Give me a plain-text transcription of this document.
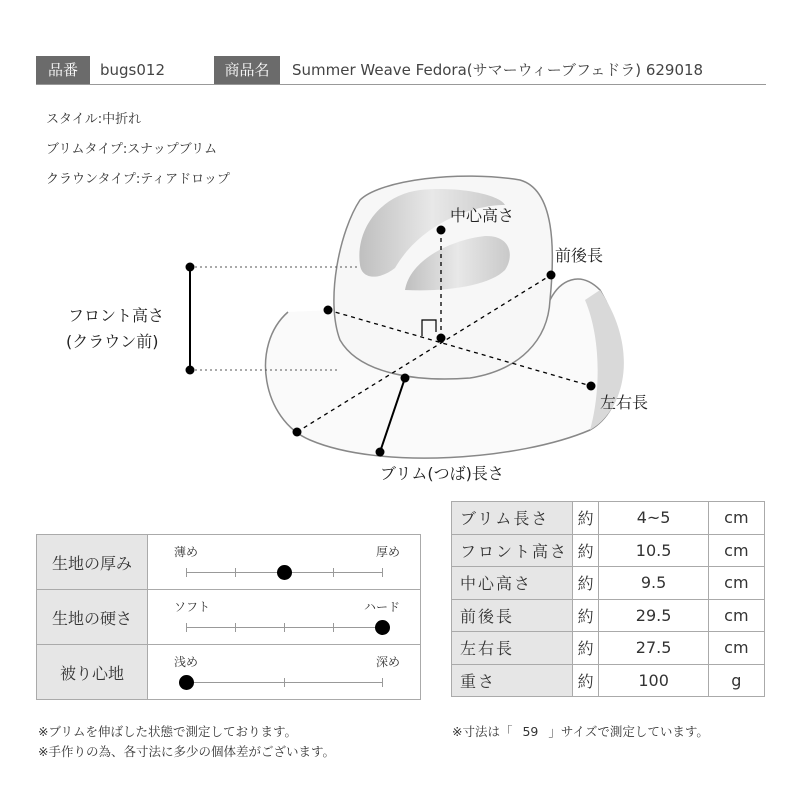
品番	bugs012	商品名	Summer Weave Fedora(サマーウィーブフェドラ) 629018
スタイル:中折れ
ブリムタイプ:スナップブリム
クラウンタイプ:ティアドロップ
中心高さ
前後長
フロント高さ
(クラウン前)
左右長
ブリム(つば)長さ
ブリム長さ	約	4~5	cm
フロント高さ	約	10.5	cm
中心高さ	約	9.5	cm
前後長	約	29.5	cm
左右長	約	27.5	cm
重さ	約	100	g
生地の厚み	薄め 厚め

生地の硬さ	ソフト ハード

被り心地	浅め 深め
※ブリムを伸ばした状態で測定しております。
※手作りの為、各寸法に多少の個体差がございます。
※寸法は「 59 」サイズで測定しています。
